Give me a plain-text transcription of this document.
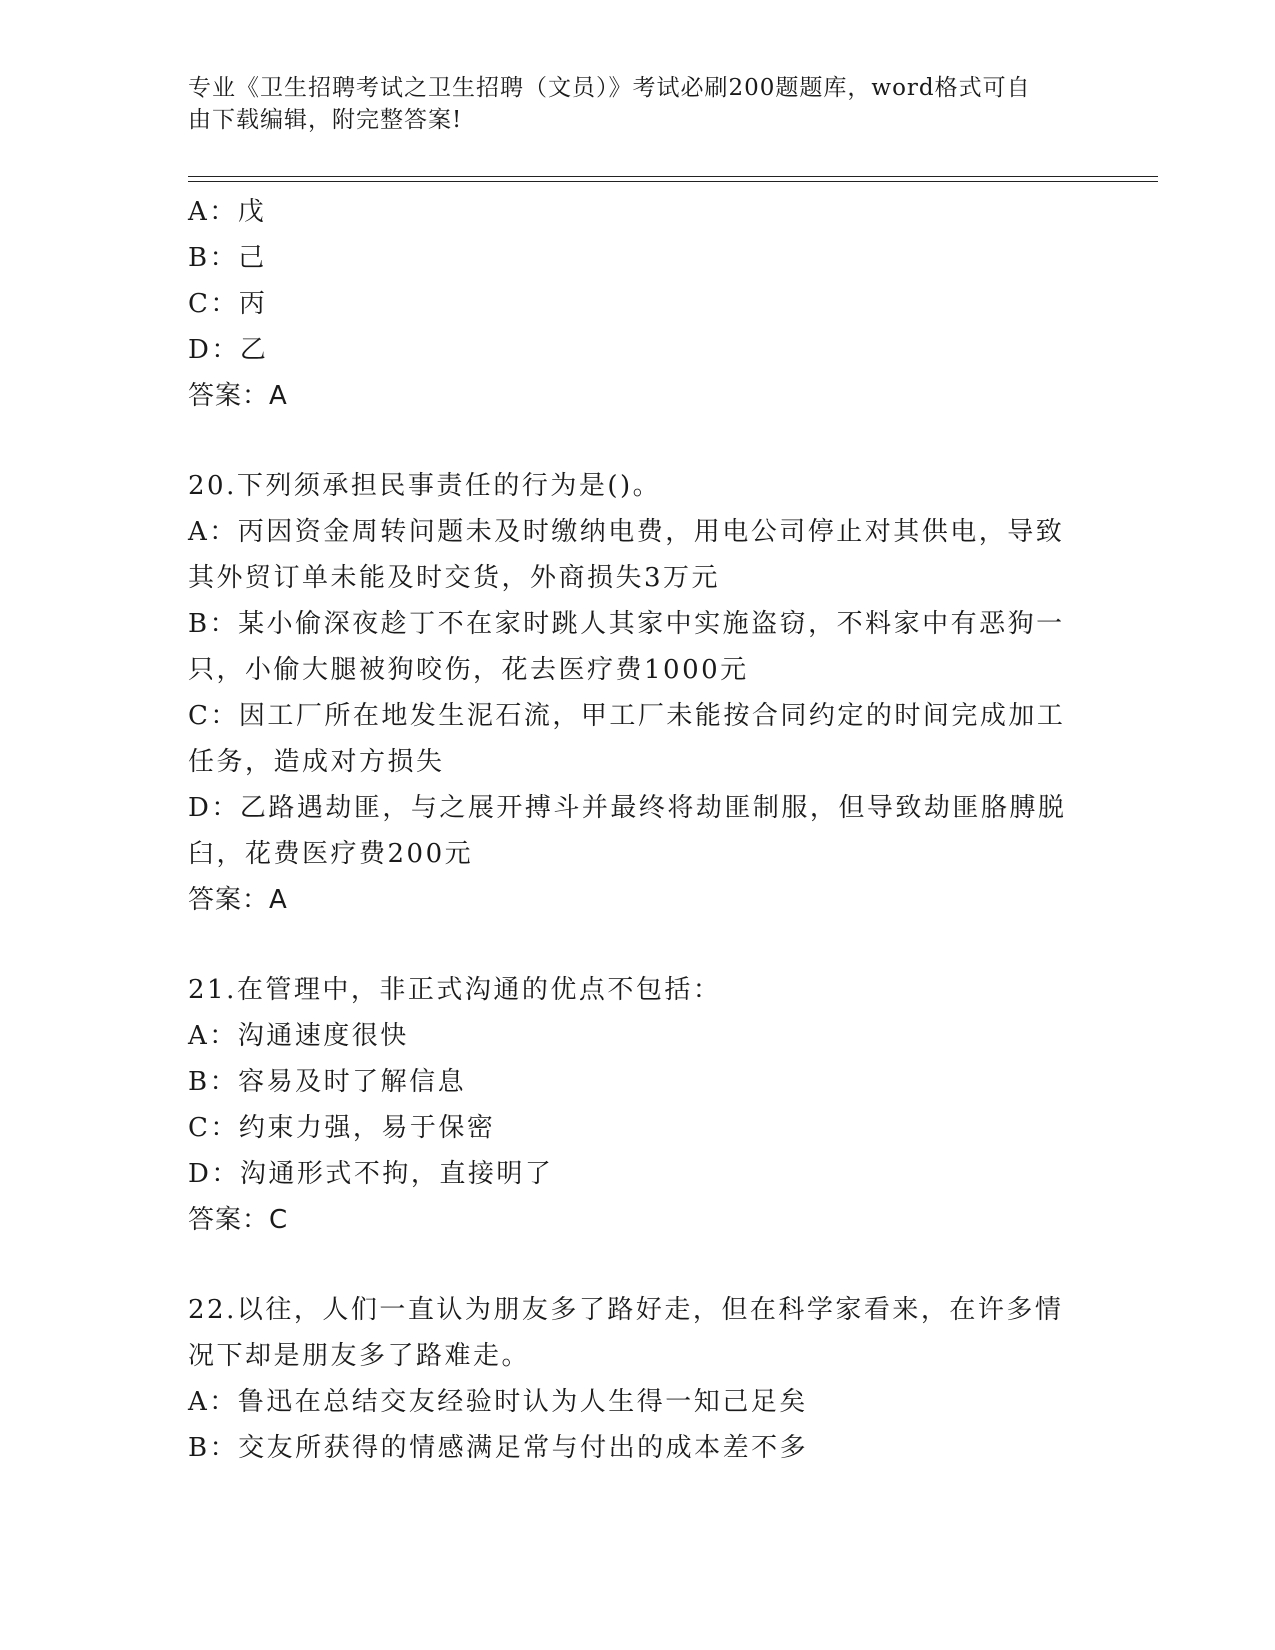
专业《卫生招聘考试之卫生招聘（文员）》考试必刷200题题库，word格式可自
由下载编辑，附完整答案!
A：戊
B：己
C：丙
D：乙
答案：A
20.下列须承担民事责任的行为是()。
A：丙因资金周转问题未及时缴纳电费，用电公司停止对其供电，导致
其外贸订单未能及时交货，外商损失3万元
B：某小偷深夜趁丁不在家时跳人其家中实施盗窃，不料家中有恶狗一
只，小偷大腿被狗咬伤，花去医疗费1000元
C：因工厂所在地发生泥石流，甲工厂未能按合同约定的时间完成加工
任务，造成对方损失
D：乙路遇劫匪，与之展开搏斗并最终将劫匪制服，但导致劫匪胳膊脱
臼，花费医疗费200元
答案：A
21.在管理中，非正式沟通的优点不包括：
A：沟通速度很快
B：容易及时了解信息
C：约束力强，易于保密
D：沟通形式不拘，直接明了
答案：C
22.以往，人们一直认为朋友多了路好走，但在科学家看来，在许多情
况下却是朋友多了路难走。
A：鲁迅在总结交友经验时认为人生得一知己足矣
B：交友所获得的情感满足常与付出的成本差不多
